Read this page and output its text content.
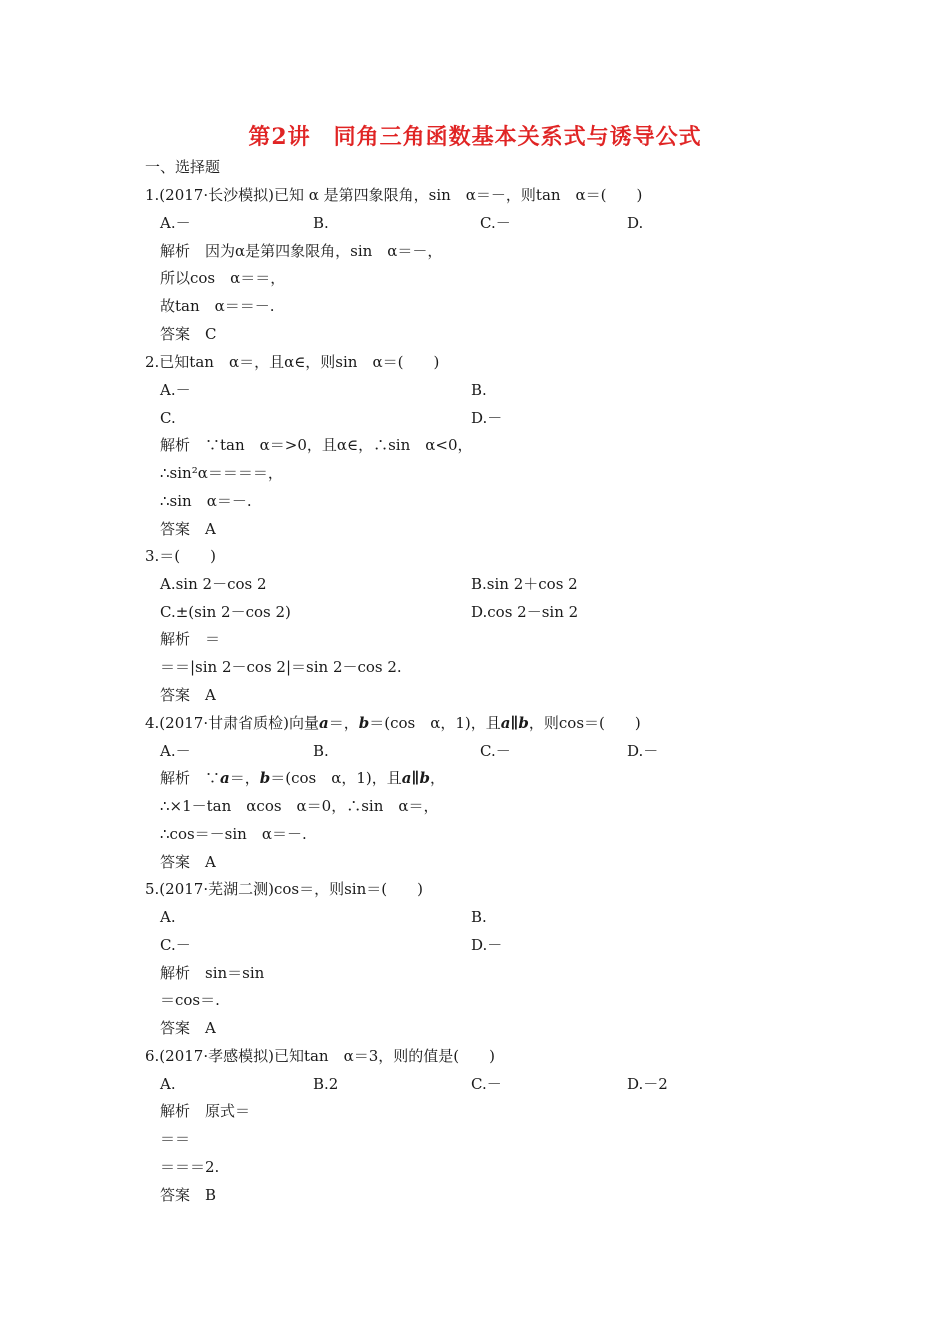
第2讲　同角三角函数基本关系式与诱导公式
一、选择题
1.(2017·长沙模拟)已知 α 是第四象限角，sin　α＝－，则tan　α＝(　　)
A.－	B.	C.－	D.
解析　因为α是第四象限角，sin　α＝－，
所以cos　α＝＝，
故tan　α＝＝－.
答案　C
2.已知tan　α＝，且α∈，则sin　α＝(　　)
A.－	B.
C.	D.－
解析　∵tan　α＝>0，且α∈，∴sin　α<0，
∴sin²α＝＝＝＝，
∴sin　α＝－.
答案　A
3.＝(　　)
A.sin 2－cos 2	B.sin 2＋cos 2
C.±(sin 2－cos 2)	D.cos 2－sin 2
解析　＝
＝＝|sin 2－cos 2|＝sin 2－cos 2.
答案　A
4.(2017·甘肃省质检)向量a＝，b＝(cos　α，1)，且a∥b，则cos＝(　　)
A.－	B.	C.－	D.－
解析　∵a＝，b＝(cos　α，1)，且a∥b，
∴×1－tan　αcos　α＝0，∴sin　α＝，
∴cos＝－sin　α＝－.
答案　A
5.(2017·芜湖二测)cos＝，则sin＝(　　)
A.	B.
C.－	D.－
解析　sin＝sin
＝cos＝.
答案　A
6.(2017·孝感模拟)已知tan　α＝3，则的值是(　　)
A.	B.2	C.－	D.－2
解析　原式＝
＝＝
＝＝＝2.
答案　B
